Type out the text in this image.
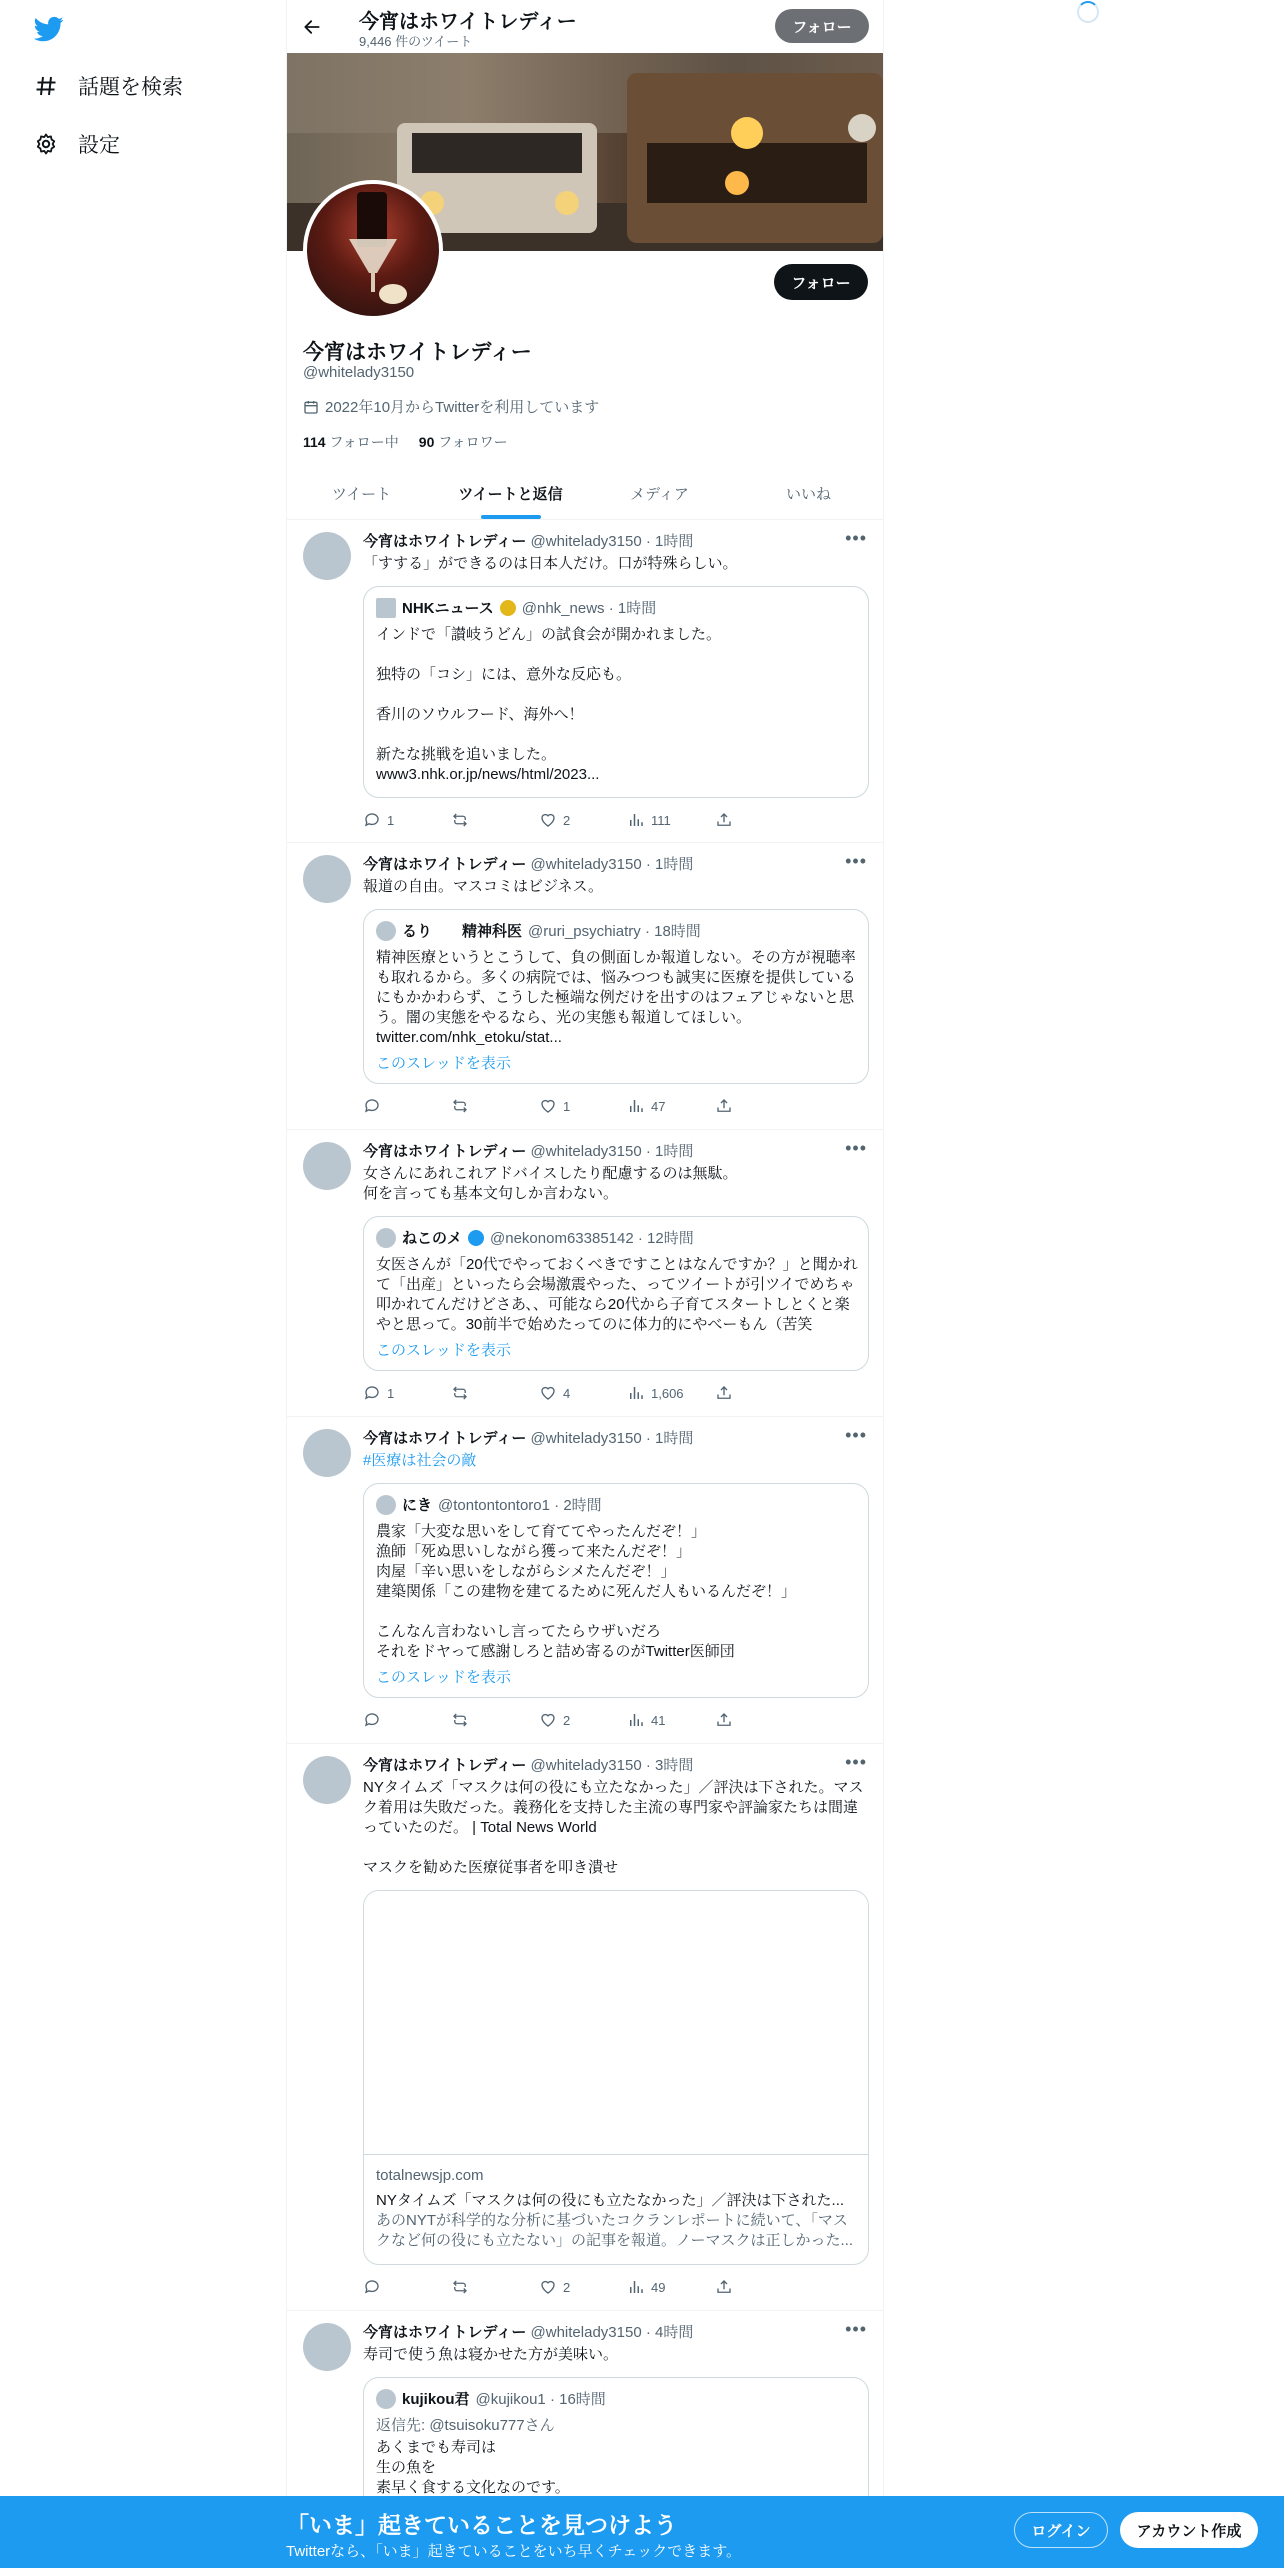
話題を検索
設定
今宵はホワイトレディー
9,446 件のツイート
フォロー
フォロー
今宵はホワイトレディー
@whitelady3150
2022年10月からTwitterを利用しています
114 フォロー中 90 フォロワー
ツイート	ツイートと返信	メディア	いいね
今宵はホワイトレディー @whitelady3150 · 1時間	•••
「すする」ができるのは日本人だけ。口が特殊らしい。
NHKニュース @nhk_news · 1時間
インドで「讃岐うどん」の試食会が開かれました。

独特の「コシ」には、意外な反応も。

香川のソウルフード、海外へ！

新たな挑戦を追いました。
www3.nhk.or.jp/news/html/2023...
1	2	111
今宵はホワイトレディー @whitelady3150 · 1時間	•••
報道の自由。マスコミはビジネス。
るり　　精神科医 @ruri_psychiatry · 18時間
精神医療というとこうして、負の側面しか報道しない。その方が視聴率も取れるから。多くの病院では、悩みつつも誠実に医療を提供しているにもかかわらず、こうした極端な例だけを出すのはフェアじゃないと思う。闇の実態をやるなら、光の実態も報道してほしい。
twitter.com/nhk_etoku/stat...
このスレッドを表示
1	47
今宵はホワイトレディー @whitelady3150 · 1時間	•••
女さんにあれこれアドバイスしたり配慮するのは無駄。
何を言っても基本文句しか言わない。
ねこのメ @nekonom63385142 · 12時間
女医さんが「20代でやっておくべきですことはなんですか？」と聞かれて「出産」といったら会場激震やった、ってツイートが引ツイでめちゃ叩かれてんだけどさあ、、可能なら20代から子育てスタートしとくと楽やと思って。30前半で始めたってのに体力的にやべーもん（苦笑
このスレッドを表示
1	4	1,606
今宵はホワイトレディー @whitelady3150 · 1時間	•••
#医療は社会の敵
にき @tontontontoro1 · 2時間
農家「大変な思いをして育ててやったんだぞ！」
漁師「死ぬ思いしながら獲って来たんだぞ！」
肉屋「辛い思いをしながらシメたんだぞ！」
建築関係「この建物を建てるために死んだ人もいるんだぞ！」

こんなん言わないし言ってたらウザいだろ
それをドヤって感謝しろと詰め寄るのがTwitter医師団
このスレッドを表示
2	41
今宵はホワイトレディー @whitelady3150 · 3時間	•••
NYタイムズ「マスクは何の役にも立たなかった」／評決は下された。マスク着用は失敗だった。義務化を支持した主流の専門家や評論家たちは間違っていたのだ。 | Total News World

マスクを勧めた医療従事者を叩き潰せ
totalnewsjp.com
NYタイムズ「マスクは何の役にも立たなかった」／評決は下された...
あのNYTが科学的な分析に基づいたコクランレポートに続いて、「マスクなど何の役にも立たない」の記事を報道。ノーマスクは正しかった...
2	49
今宵はホワイトレディー @whitelady3150 · 4時間	•••
寿司で使う魚は寝かせた方が美味い。
kujikou君 @kujikou1 · 16時間
返信先: @tsuisoku777さん
あくまでも寿司は
生の魚を
素早く食する文化なのです。
「いま」起きていることを見つけよう
Twitterなら、「いま」起きていることをいち早くチェックできます。
ログイン	アカウント作成
